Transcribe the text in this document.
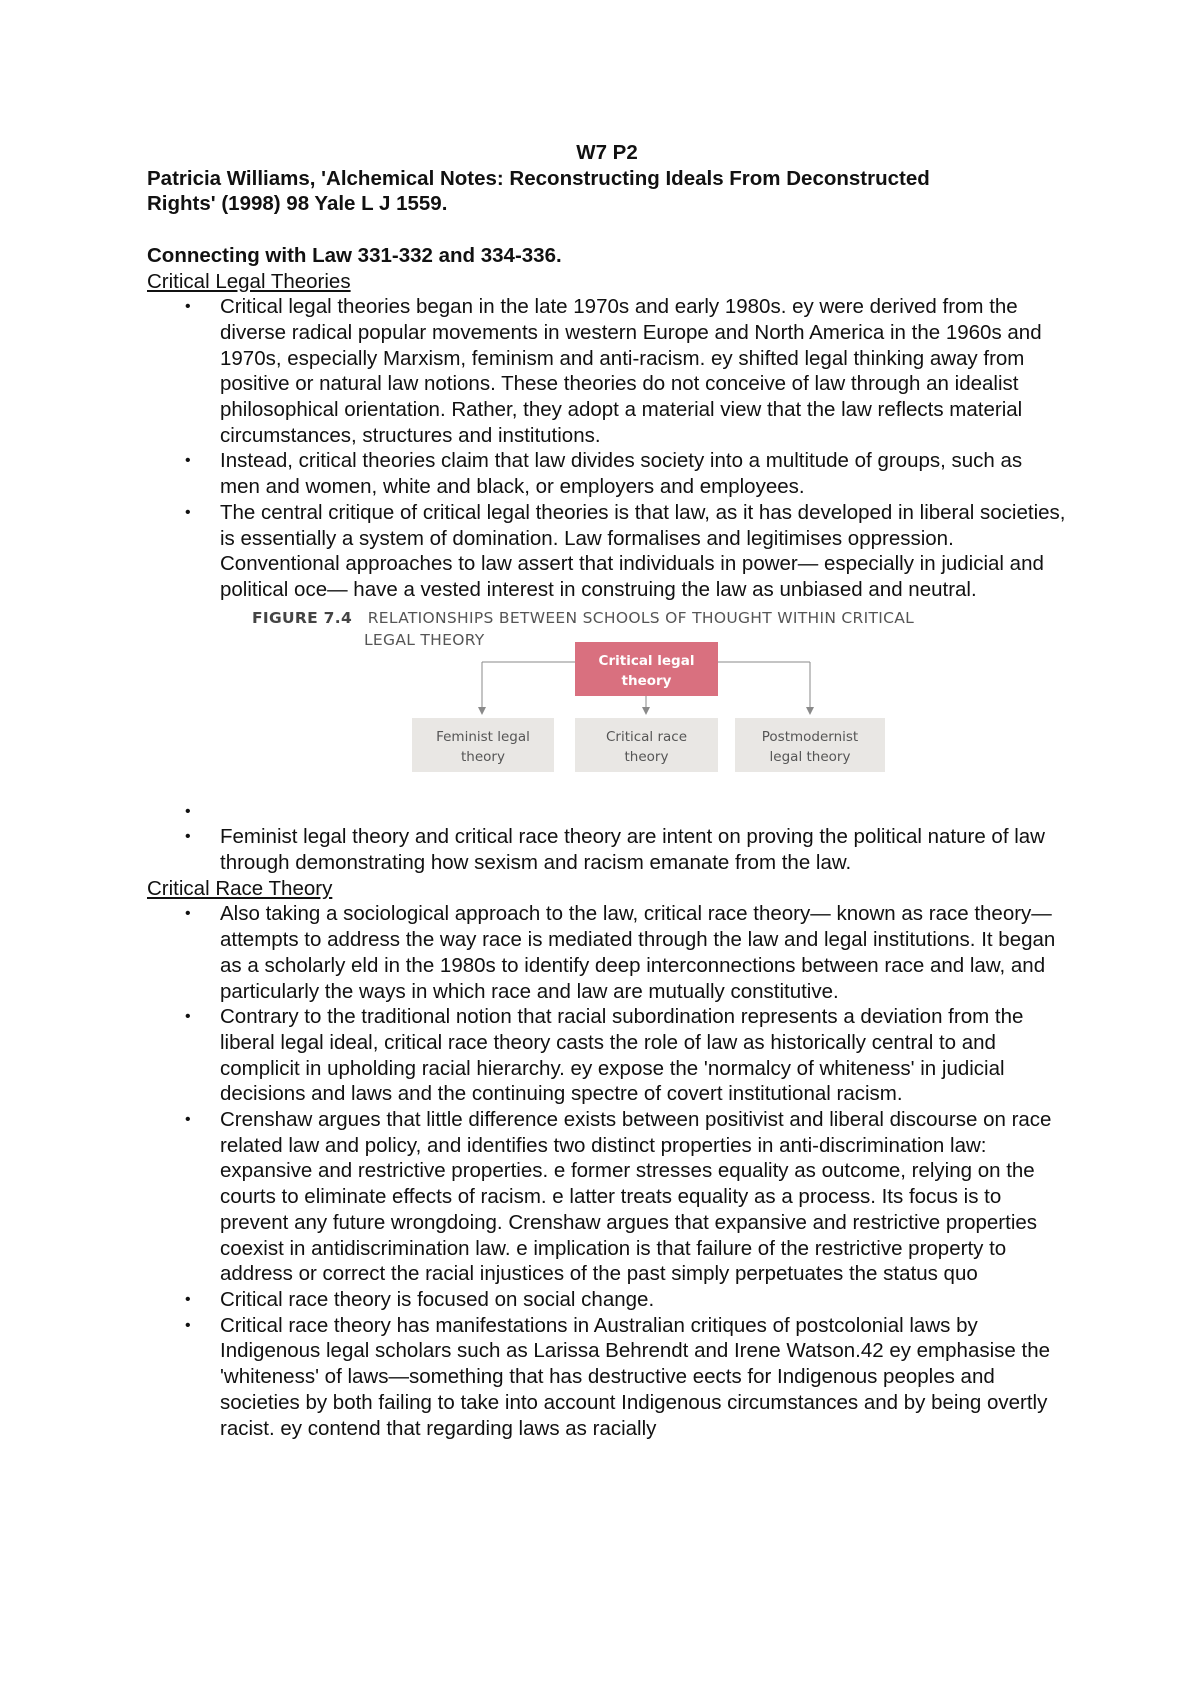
W7 P2

Patricia Williams, 'Alchemical Notes: Reconstructing Ideals From Deconstructed
Rights' (1998) 98 Yale L J 1559.

Connecting with Law 331-332 and 334-336.

Critical Legal Theories

• Critical legal theories began in the late 1970s and early 1980s. ey were derived from the diverse radical popular movements in western Europe and North America in the 1960s and 1970s, especially Marxism, feminism and anti-racism. ey shifted legal thinking away from positive or natural law notions. These theories do not conceive of law through an idealist philosophical orientation. Rather, they adopt a material view that the law reflects material circumstances, structures and institutions.
• Instead, critical theories claim that law divides society into a multitude of groups, such as men and women, white and black, or employers and employees.
• The central critique of critical legal theories is that law, as it has developed in liberal societies, is essentially a system of domination. Law formalises and legitimises oppression. Conventional approaches to law assert that individuals in power— especially in judicial and political oce— have a vested interest in construing the law as unbiased and neutral.
FIGURE 7.4 RELATIONSHIPS BETWEEN SCHOOLS OF THOUGHT WITHIN CRITICAL
LEGAL THEORY
Critical legal
theory
Feminist legal
theory
Critical race
theory
Postmodernist
legal theory
•

• Feminist legal theory and critical race theory are intent on proving the political nature of law through demonstrating how sexism and racism emanate from the law.

Critical Race Theory

• Also taking a sociological approach to the law, critical race theory— known as race theory— attempts to address the way race is mediated through the law and legal institutions. It began as a scholarly eld in the 1980s to identify deep interconnections between race and law, and particularly the ways in which race and law are mutually constitutive.
• Contrary to the traditional notion that racial subordination represents a deviation from the liberal legal ideal, critical race theory casts the role of law as historically central to and complicit in upholding racial hierarchy. ey expose the 'normalcy of whiteness' in judicial decisions and laws and the continuing spectre of covert institutional racism.
• Crenshaw argues that little difference exists between positivist and liberal discourse on race related law and policy, and identifies two distinct properties in anti-discrimination law: expansive and restrictive properties. e former stresses equality as outcome, relying on the courts to eliminate effects of racism. e latter treats equality as a process. Its focus is to prevent any future wrongdoing. Crenshaw argues that expansive and restrictive properties coexist in antidiscrimination law. e implication is that failure of the restrictive property to address or correct the racial injustices of the past simply perpetuates the status quo
• Critical race theory is focused on social change.
• Critical race theory has manifestations in Australian critiques of postcolonial laws by Indigenous legal scholars such as Larissa Behrendt and Irene Watson.42 ey emphasise the 'whiteness' of laws—something that has destructive eects for Indigenous peoples and societies by both failing to take into account Indigenous circumstances and by being overtly racist. ey contend that regarding laws as racially
